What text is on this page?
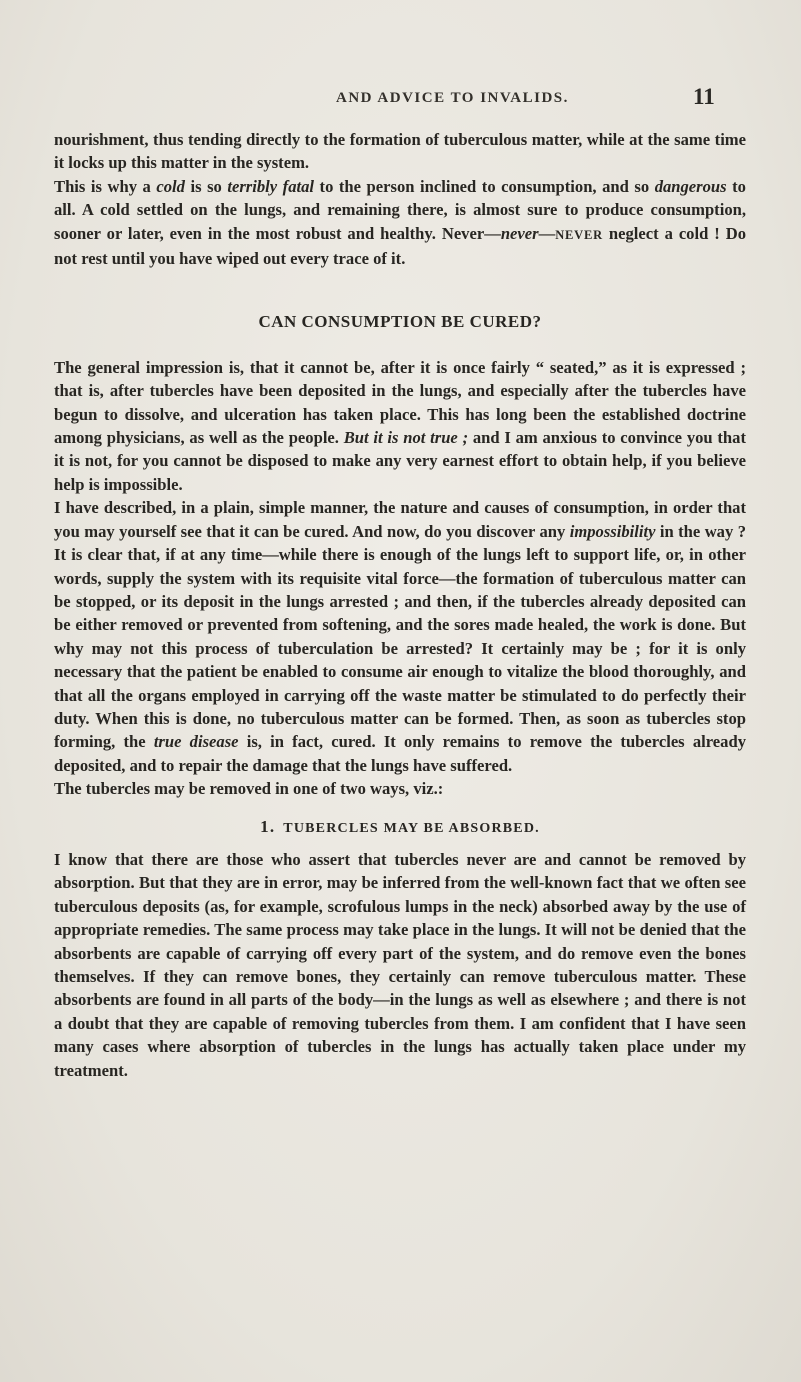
AND ADVICE TO INVALIDS.	11

nourishment, thus tending directly to the formation of tuberculous matter, while at the same time it locks up this matter in the system.

This is why a cold is so terribly fatal to the person inclined to consumption, and so dangerous to all. A cold settled on the lungs, and remaining there, is almost sure to produce consumption, sooner or later, even in the most robust and healthy. Never—never—NEVER neglect a cold ! Do not rest until you have wiped out every trace of it.

CAN CONSUMPTION BE CURED?

The general impression is, that it cannot be, after it is once fairly “ seated,” as it is expressed ; that is, after tubercles have been deposited in the lungs, and especially after the tubercles have begun to dissolve, and ulceration has taken place. This has long been the established doctrine among physicians, as well as the people. But it is not true ; and I am anxious to convince you that it is not, for you cannot be disposed to make any very earnest effort to obtain help, if you believe help is impossible.

I have described, in a plain, simple manner, the nature and causes of consumption, in order that you may yourself see that it can be cured. And now, do you discover any impossibility in the way ? It is clear that, if at any time—while there is enough of the lungs left to support life, or, in other words, supply the system with its requisite vital force—the formation of tuberculous matter can be stopped, or its deposit in the lungs arrested ; and then, if the tubercles already deposited can be either removed or prevented from softening, and the sores made healed, the work is done. But why may not this process of tuberculation be arrested? It certainly may be ; for it is only necessary that the patient be enabled to consume air enough to vitalize the blood thoroughly, and that all the organs employed in carrying off the waste matter be stimulated to do perfectly their duty. When this is done, no tuberculous matter can be formed. Then, as soon as tubercles stop forming, the true disease is, in fact, cured. It only remains to remove the tubercles already deposited, and to repair the damage that the lungs have suffered.

The tubercles may be removed in one of two ways, viz.:

1. TUBERCLES MAY BE ABSORBED.

I know that there are those who assert that tubercles never are and cannot be removed by absorption. But that they are in error, may be inferred from the well-known fact that we often see tuberculous deposits (as, for example, scrofulous lumps in the neck) absorbed away by the use of appropriate remedies. The same process may take place in the lungs. It will not be denied that the absorbents are capable of carrying off every part of the system, and do remove even the bones themselves. If they can remove bones, they certainly can remove tuberculous matter. These absorbents are found in all parts of the body—in the lungs as well as elsewhere ; and there is not a doubt that they are capable of removing tubercles from them. I am confident that I have seen many cases where absorption of tubercles in the lungs has actually taken place under my treatment.
